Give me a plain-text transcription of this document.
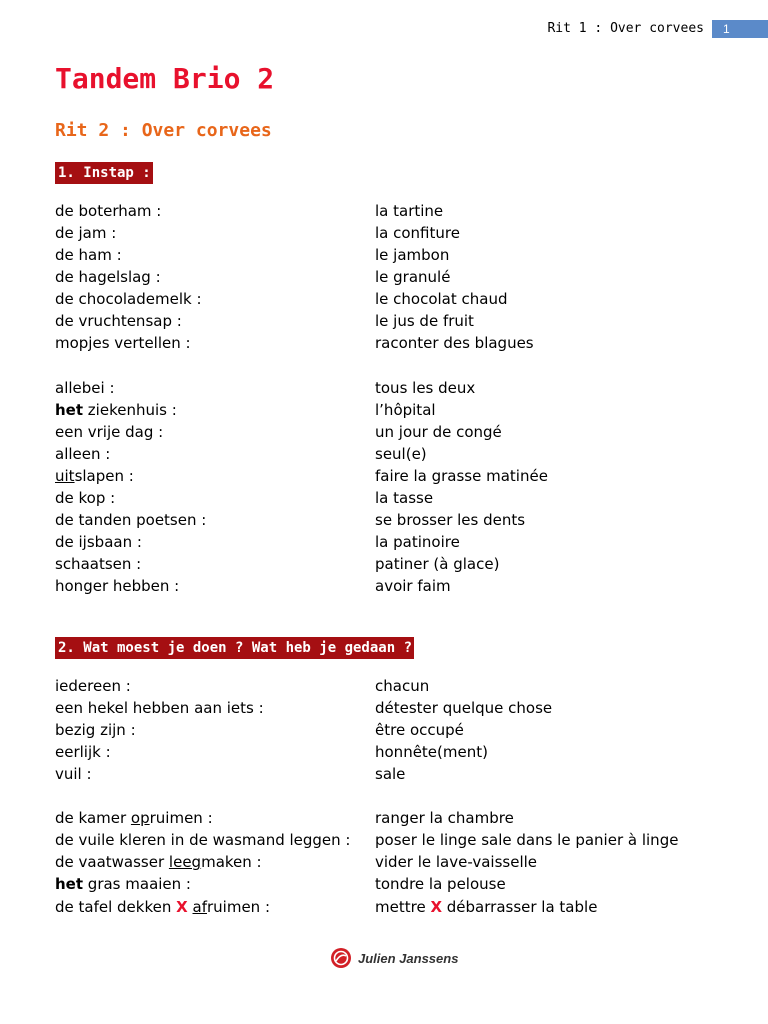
Rit 1 : Over corvees 1
Tandem Brio 2
Rit 2 : Over corvees
1. Instap :
de boterham :	la tartine
de jam :	la confiture
de ham :	le jambon
de hagelslag :	le granulé
de chocolademelk :	le chocolat chaud
de vruchtensap :	le jus de fruit
mopjes vertellen :	raconter des blagues
allebei :	tous les deux
het ziekenhuis :	l’hôpital
een vrije dag :	un jour de congé
alleen :	seul(e)
uitslapen :	faire la grasse matinée
de kop :	la tasse
de tanden poetsen :	se brosser les dents
de ijsbaan :	la patinoire
schaatsen :	patiner (à glace)
honger hebben :	avoir faim
2. Wat moest je doen ? Wat heb je gedaan ?
iedereen :	chacun
een hekel hebben aan iets :	détester quelque chose
bezig zijn :	être occupé
eerlijk :	honnête(ment)
vuil :	sale
de kamer opruimen :	ranger la chambre
de vuile kleren in de wasmand leggen : poser le linge sale dans le panier à linge
de vaatwasser leegmaken :	vider le lave-vaisselle
het gras maaien :	tondre la pelouse
de tafel dekken X afruimen :	mettre X débarrasser la table
Julien Janssens
